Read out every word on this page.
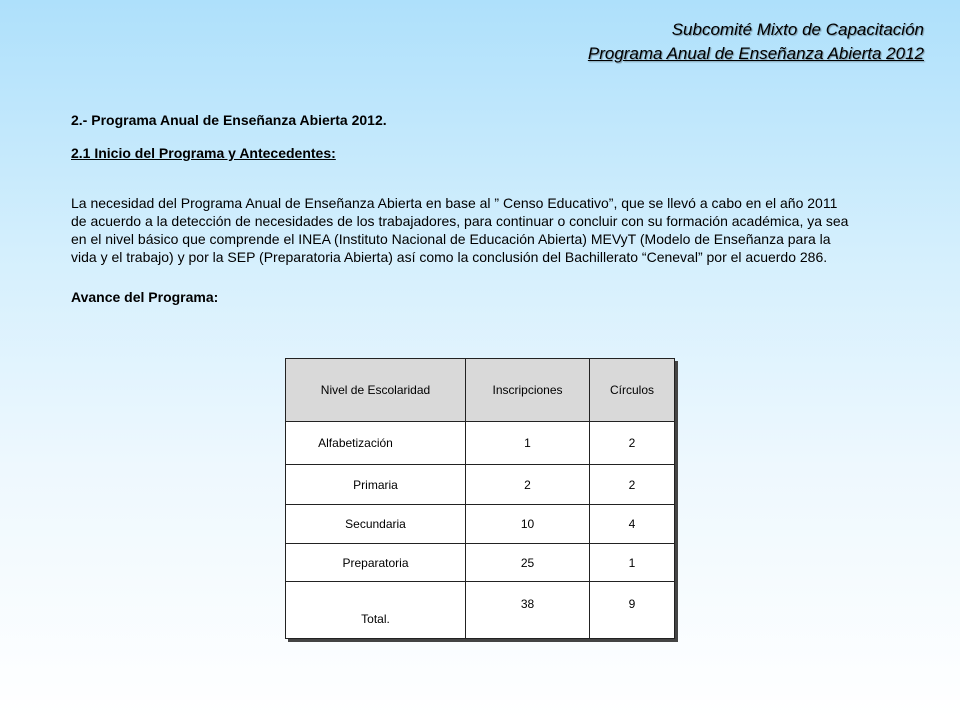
Subcomité Mixto de Capacitación
Programa Anual de Enseñanza Abierta 2012
2.- Programa Anual de Enseñanza Abierta 2012.
2.1 Inicio del Programa y Antecedentes:
La necesidad del Programa Anual de Enseñanza Abierta en base al ” Censo Educativo”, que se llevó a cabo en el año 2011
de acuerdo a la detección de necesidades de los trabajadores, para continuar o concluir con su formación académica, ya sea
en el nivel básico que comprende el INEA (Instituto Nacional de Educación Abierta) MEVyT (Modelo de Enseñanza para la
vida y el trabajo) y por la SEP (Preparatoria Abierta) así como la conclusión del Bachillerato “Ceneval” por el acuerdo 286.
Avance del Programa:
Nivel de Escolaridad	Inscripciones	Círculos
Alfabetización	1	2
Primaria	2	2
Secundaria	10	4
Preparatoria	25	1
Total.	38	9
